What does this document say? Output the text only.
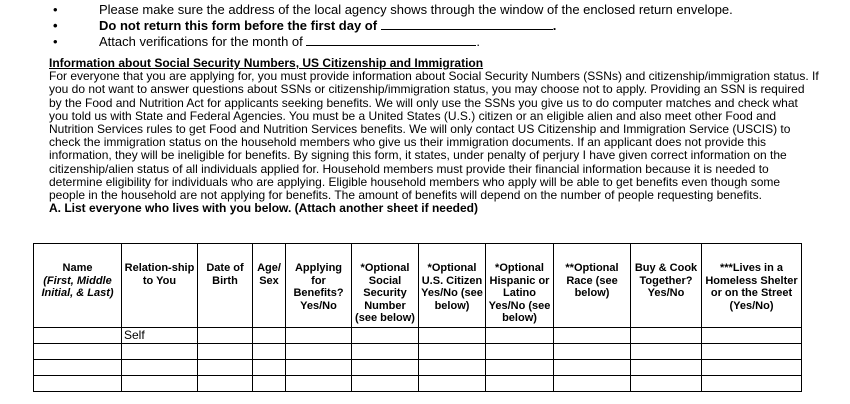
•	Please make sure the address of the local agency shows through the window of the enclosed return envelope.
•	Do not return this form before the first day of	.
•	Attach verifications for the month of	.
Information about Social Security Numbers, US Citizenship and Immigration

For everyone that you are applying for, you must provide information about Social Security Numbers (SSNs) and citizenship/immigration status. If you do not want to answer questions about SSNs or citizenship/immigration status, you may choose not to apply. Providing an SSN is required by the Food and Nutrition Act for applicants seeking benefits. We will only use the SSNs you give us to do computer matches and check what you told us with State and Federal Agencies. You must be a United States (U.S.) citizen or an eligible alien and also meet other Food and Nutrition Services rules to get Food and Nutrition Services benefits. We will only contact US Citizenship and Immigration Service (USCIS) to check the immigration status on the household members who give us their immigration documents. If an applicant does not provide this information, they will be ineligible for benefits. By signing this form, it states, under penalty of perjury I have given correct information on the citizenship/alien status of all individuals applied for. Household members must provide their financial information because it is needed to determine eligibility for individuals who are applying. Eligible household members who apply will be able to get benefits even though some people in the household are not applying for benefits. The amount of benefits will depend on the number of people requesting benefits.

A. List everyone who lives with you below. (Attach another sheet if needed)
Name
(First, Middle Initial, & Last)	Relation-ship to You	Date of Birth	Age/ Sex	Applying for Benefits? Yes/No	*Optional Social Security Number (see below)	*Optional U.S. Citizen Yes/No (see below)	*Optional Hispanic or Latino Yes/No (see below)	**Optional Race (see below)	Buy & Cook Together? Yes/No	***Lives in a Homeless Shelter or on the Street (Yes/No)
	Self									
